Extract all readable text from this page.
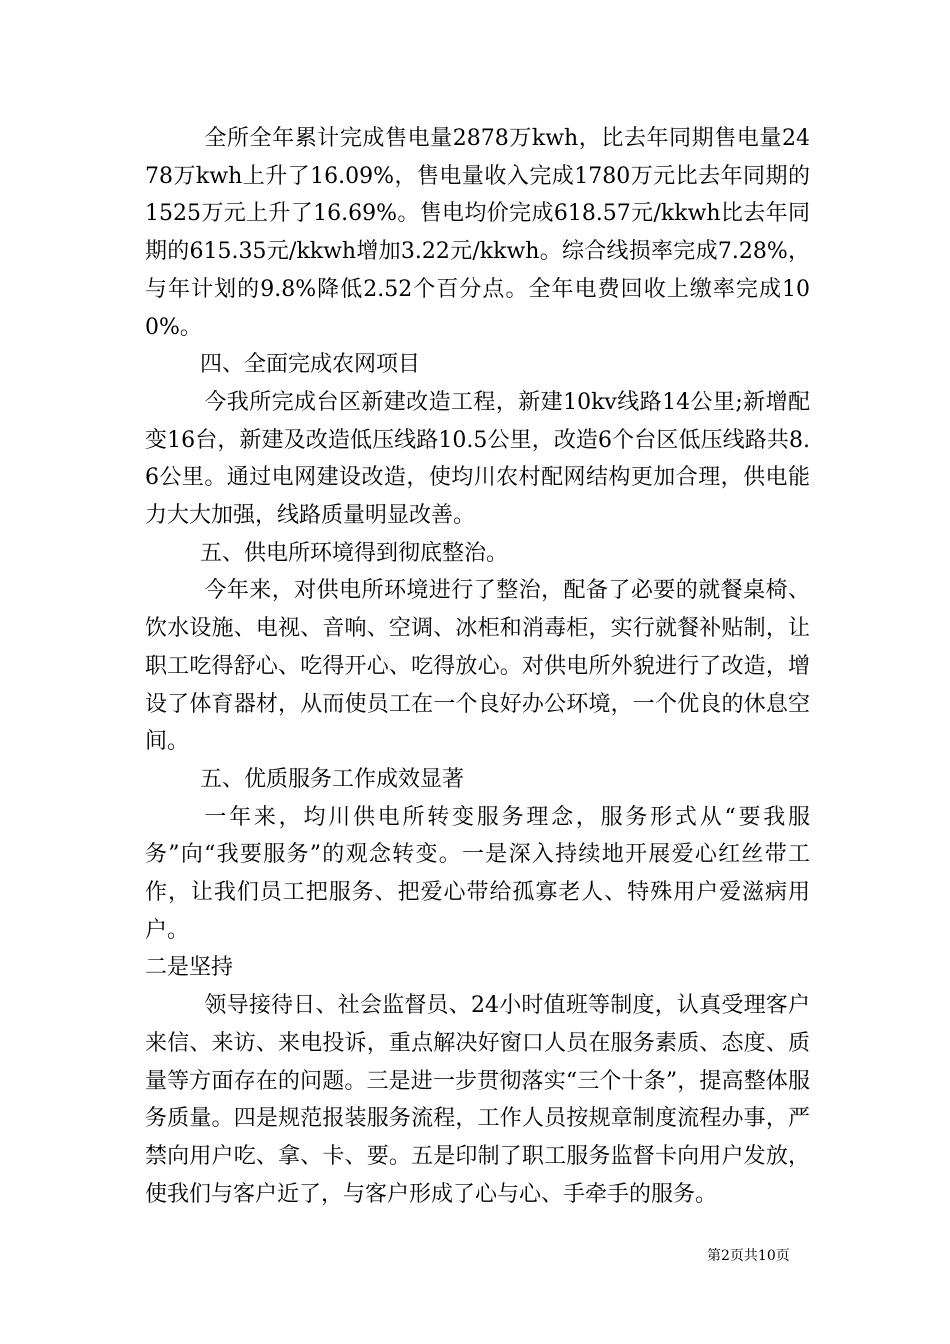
全所全年累计完成售电量2878万kwh，比去年同期售电量2478万kwh上升了16.09%，售电量收入完成1780万元比去年同期的1525万元上升了16.69%。售电均价完成618.57元/kkwh比去年同期的615.35元/kkwh增加3.22元/kkwh。综合线损率完成7.28%，与年计划的9.8%降低2.52个百分点。全年电费回收上缴率完成100%。

四、全面完成农网项目

今我所完成台区新建改造工程，新建10kv线路14公里;新增配变16台，新建及改造低压线路10.5公里，改造6个台区低压线路共8.6公里。通过电网建设改造，使均川农村配网结构更加合理，供电能力大大加强，线路质量明显改善。

五、供电所环境得到彻底整治。

今年来，对供电所环境进行了整治，配备了必要的就餐桌椅、饮水设施、电视、音响、空调、冰柜和消毒柜，实行就餐补贴制，让职工吃得舒心、吃得开心、吃得放心。对供电所外貌进行了改造，增设了体育器材，从而使员工在一个良好办公环境，一个优良的休息空间。

五、优质服务工作成效显著

一年来，均川供电所转变服务理念，服务形式从“要我服务”向“我要服务”的观念转变。一是深入持续地开展爱心红丝带工作，让我们员工把服务、把爱心带给孤寡老人、特殊用户爱滋病用户。

二是坚持

领导接待日、社会监督员、24小时值班等制度，认真受理客户来信、来访、来电投诉，重点解决好窗口人员在服务素质、态度、质量等方面存在的问题。三是进一步贯彻落实“三个十条”，提高整体服务质量。四是规范报装服务流程，工作人员按规章制度流程办事，严禁向用户吃、拿、卡、要。五是印制了职工服务监督卡向用户发放，使我们与客户近了，与客户形成了心与心、手牵手的服务。

第2页共10页
